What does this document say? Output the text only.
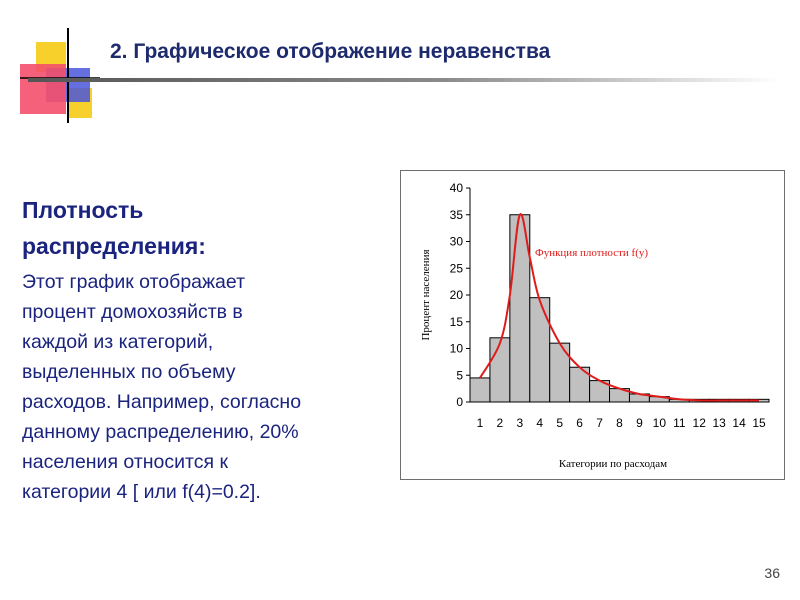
2. Графическое отображение неравенства

Плотность
распределения:

Этот график отображает
процент домохозяйств в
каждой из категорий,
выделенных по объему
расходов. Например, согласно
данному распределению, 20%
населения относится к
категории 4 [ или f(4)=0.2].

0
5
10
15
20
25
30
35
40
1 2 3 4 5 6 7 8 9 10 11 12 13 14 15
Категории по расходам
Процент населения	Функция плотности f(y)
36
